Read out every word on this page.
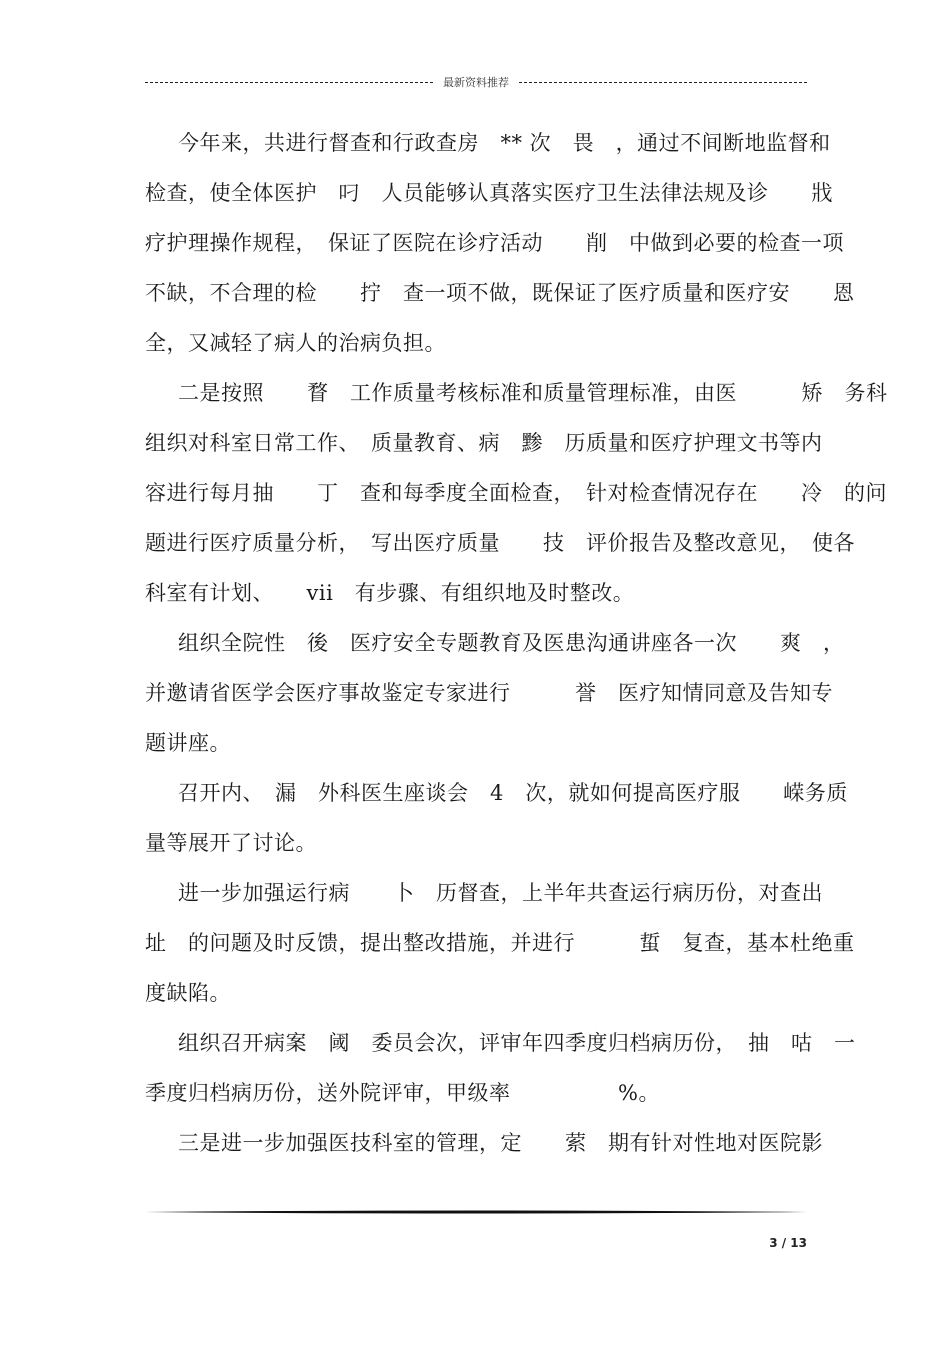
最新资料推荐

今年来，共进行督查和行政查房　** 次　畏　，通过不间断地监督和
检查，使全体医护　叼　人员能够认真落实医疗卫生法律法规及诊　　戕
疗护理操作规程，　保证了医院在诊疗活动　　削　中做到必要的检查一项
不缺，不合理的检　　拧　查一项不做，既保证了医疗质量和医疗安　　恩
全，又减轻了病人的治病负担。

二是按照　　瞀　工作质量考核标准和质量管理标准，由医　　　矫　务科
组织对科室日常工作、　质量教育、病　黪　历质量和医疗护理文书等内
容进行每月抽　　丁　查和每季度全面检查，　针对检查情况存在　　冷　的问
题进行医疗质量分析，　写出医疗质量　　技　评价报告及整改意见，　使各
科室有计划、　　vii　有步骤、有组织地及时整改。

组织全院性　後　医疗安全专题教育及医患沟通讲座各一次　　爽　，
并邀请省医学会医疗事故鉴定专家进行　　　誉　医疗知情同意及告知专
题讲座。

召开内、　漏　外科医生座谈会　4　次，就如何提高医疗服　　嵘务质
量等展开了讨论。

进一步加强运行病　　卜　历督查，上半年共查运行病历份，对查出
址　的问题及时反馈，提出整改措施，并进行　　　蜇　复查，基本杜绝重
度缺陷。

组织召开病案　阈　委员会次，评审年四季度归档病历份，　抽　咕　一
季度归档病历份，送外院评审，甲级率　　　　　%。

三是进一步加强医技科室的管理，定　　萦　期有针对性地对医院影

3 / 13
